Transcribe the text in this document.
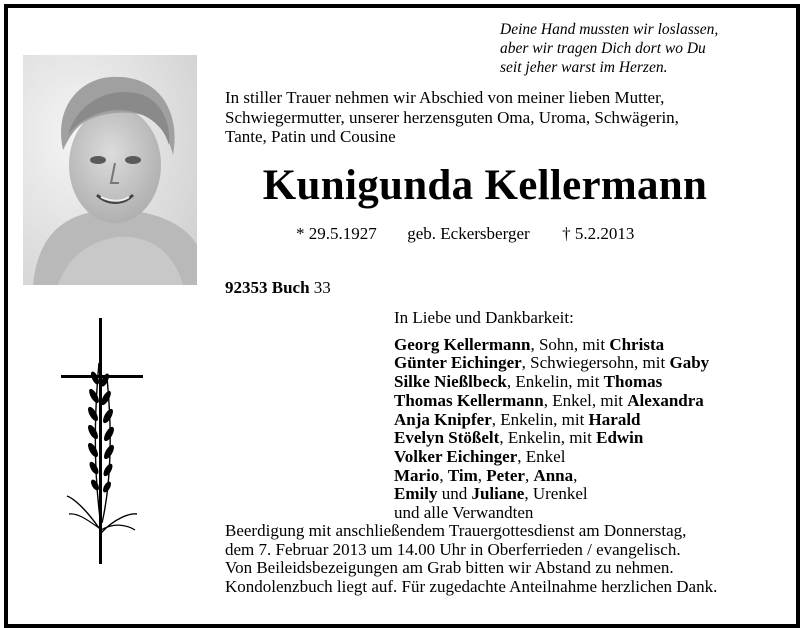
Deine Hand mussten wir loslassen,
aber wir tragen Dich dort wo Du
seit jeher warst im Herzen.
In stiller Trauer nehmen wir Abschied von meiner lieben Mutter,
Schwiegermutter, unserer herzensguten Oma, Uroma, Schwägerin,
Tante, Patin und Cousine
Kunigunda Kellermann
* 29.5.1927 geb. Eckersberger † 5.2.2013
92353 Buch 33
In Liebe und Dankbarkeit:
Georg Kellermann, Sohn, mit Christa
Günter Eichinger, Schwiegersohn, mit Gaby
Silke Nießlbeck, Enkelin, mit Thomas
Thomas Kellermann, Enkel, mit Alexandra
Anja Knipfer, Enkelin, mit Harald
Evelyn Stößelt, Enkelin, mit Edwin
Volker Eichinger, Enkel
Mario, Tim, Peter, Anna,
Emily und Juliane, Urenkel
und alle Verwandten
Beerdigung mit anschließendem Trauergottesdienst am Donnerstag,
dem 7. Februar 2013 um 14.00 Uhr in Oberferrieden / evangelisch.
Von Beileidsbezeigungen am Grab bitten wir Abstand zu nehmen.
Kondolenzbuch liegt auf. Für zugedachte Anteilnahme herzlichen Dank.
